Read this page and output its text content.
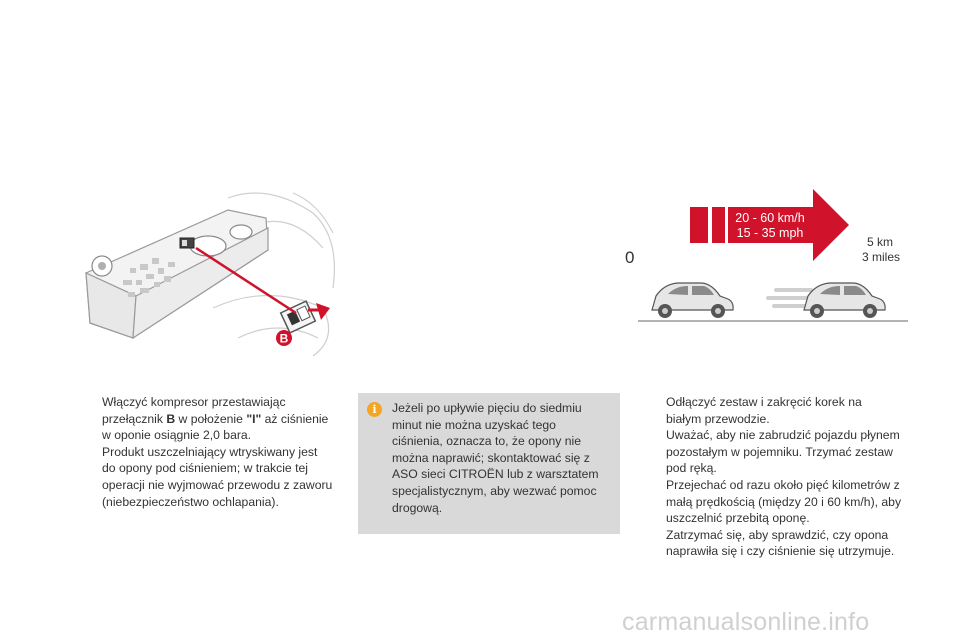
B
20 - 60 km/h
15 - 35 mph
0
5 km
3 miles
Włączyć kompresor przestawiając
przełącznik B w położenie "I" aż ciśnienie
w oponie osiągnie 2,0 bara.
Produkt uszczelniający wtryskiwany jest
do opony pod ciśnieniem; w trakcie tej
operacji nie wyjmować przewodu z zaworu
(niebezpieczeństwo ochlapania).
i	Jeżeli po upływie pięciu do siedmiu
minut nie można uzyskać tego
ciśnienia, oznacza to, że opony nie
można naprawić; skontaktować się z
ASO sieci CITROËN lub z warsztatem
specjalistycznym, aby wezwać pomoc
drogową.
Odłączyć zestaw i zakręcić korek na
białym przewodzie.
Uważać, aby nie zabrudzić pojazdu płynem
pozostałym w pojemniku. Trzymać zestaw
pod ręką.
Przejechać od razu około pięć kilometrów z
małą prędkością (między 20 i 60 km/h), aby
uszczelnić przebitą oponę.
Zatrzymać się, aby sprawdzić, czy opona
naprawiła się i czy ciśnienie się utrzymuje.
carmanualsonline.info
